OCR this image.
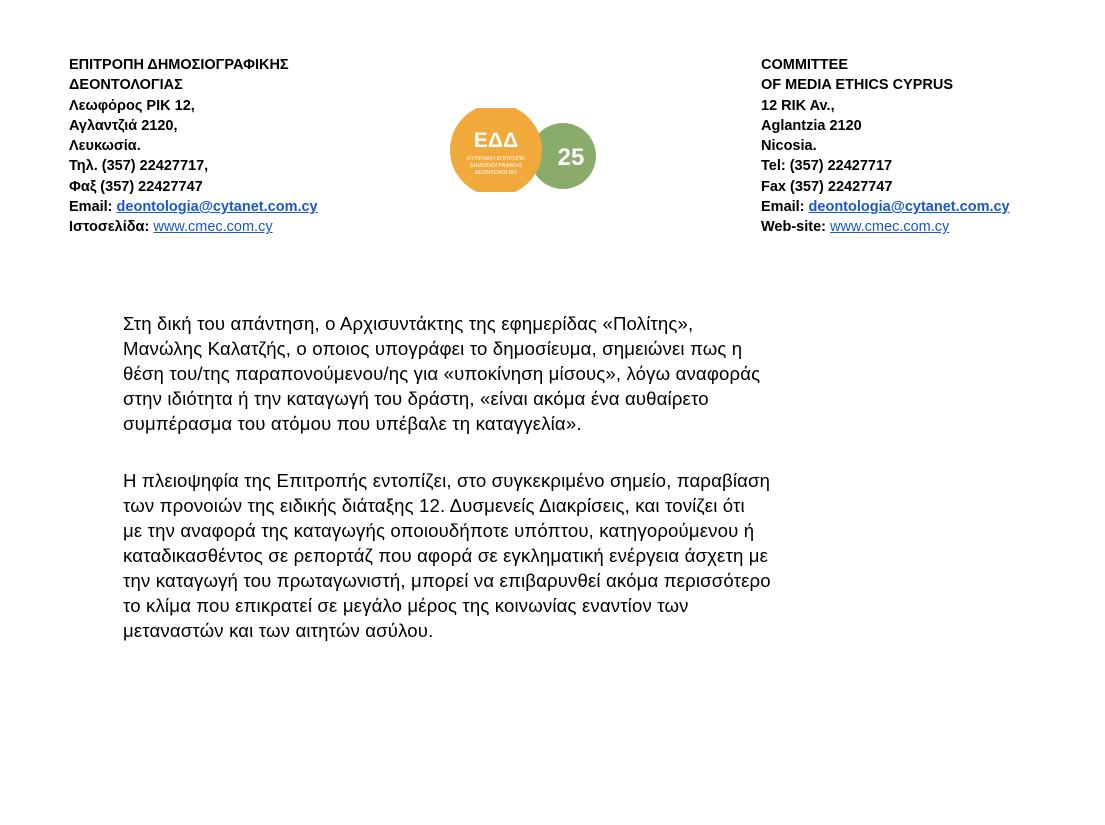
ΕΠΙΤΡΟΠΗ ΔΗΜΟΣΙΟΓΡΑΦΙΚΗΣ
ΔΕΟΝΤΟΛΟΓΙΑΣ
Λεωφόρος ΡΙΚ 12,
Αγλαντζιά 2120,
Λευκωσία.
Τηλ. (357) 22427717,
Φαξ (357) 22427747
Email: deontologia@cytanet.com.cy
Ιστοσελίδα: www.cmec.com.cy
ΕΔΔ
ΚΥΠΡΙΑΚΗ ΕΠΙΤΡΟΠΗ
ΔΗΜΟΣΙΟΓΡΑΦΙΚΗΣ
ΔΕΟΝΤΟΛΟΓΙΑΣ
25
COMMITTEE
OF MEDIA ETHICS CYPRUS
12 RIK Av.,
Aglantzia 2120
Nicosia.
Tel: (357) 22427717
Fax (357) 22427747
Email: deontologia@cytanet.com.cy
Web-site: www.cmec.com.cy
Στη δική του απάντηση, ο Αρχισυντάκτης της εφημερίδας «Πολίτης»,
Μανώλης Καλατζής, ο οποιος υπογράφει το δημοσίευμα, σημειώνει πως η
θέση του/της παραπονούμενου/ης για «υποκίνηση μίσους», λόγω αναφοράς
στην ιδιότητα ή την καταγωγή του δράστη, «είναι ακόμα ένα αυθαίρετο
συμπέρασμα του ατόμου που υπέβαλε τη καταγγελία».
Η πλειοψηφία της Επιτροπής εντοπίζει, στο συγκεκριμένο σημείο, παραβίαση
των προνοιών της ειδικής διάταξης 12. Δυσμενείς Διακρίσεις, και τονίζει ότι
με την αναφορά της καταγωγής οποιουδήποτε υπόπτου, κατηγορούμενου ή
καταδικασθέντος σε ρεπορτάζ που αφορά σε εγκληματική ενέργεια άσχετη με
την καταγωγή του πρωταγωνιστή, μπορεί να επιβαρυνθεί ακόμα περισσότερο
το κλίμα που επικρατεί σε μεγάλο μέρος της κοινωνίας εναντίον των
μεταναστών και των αιτητών ασύλου.
